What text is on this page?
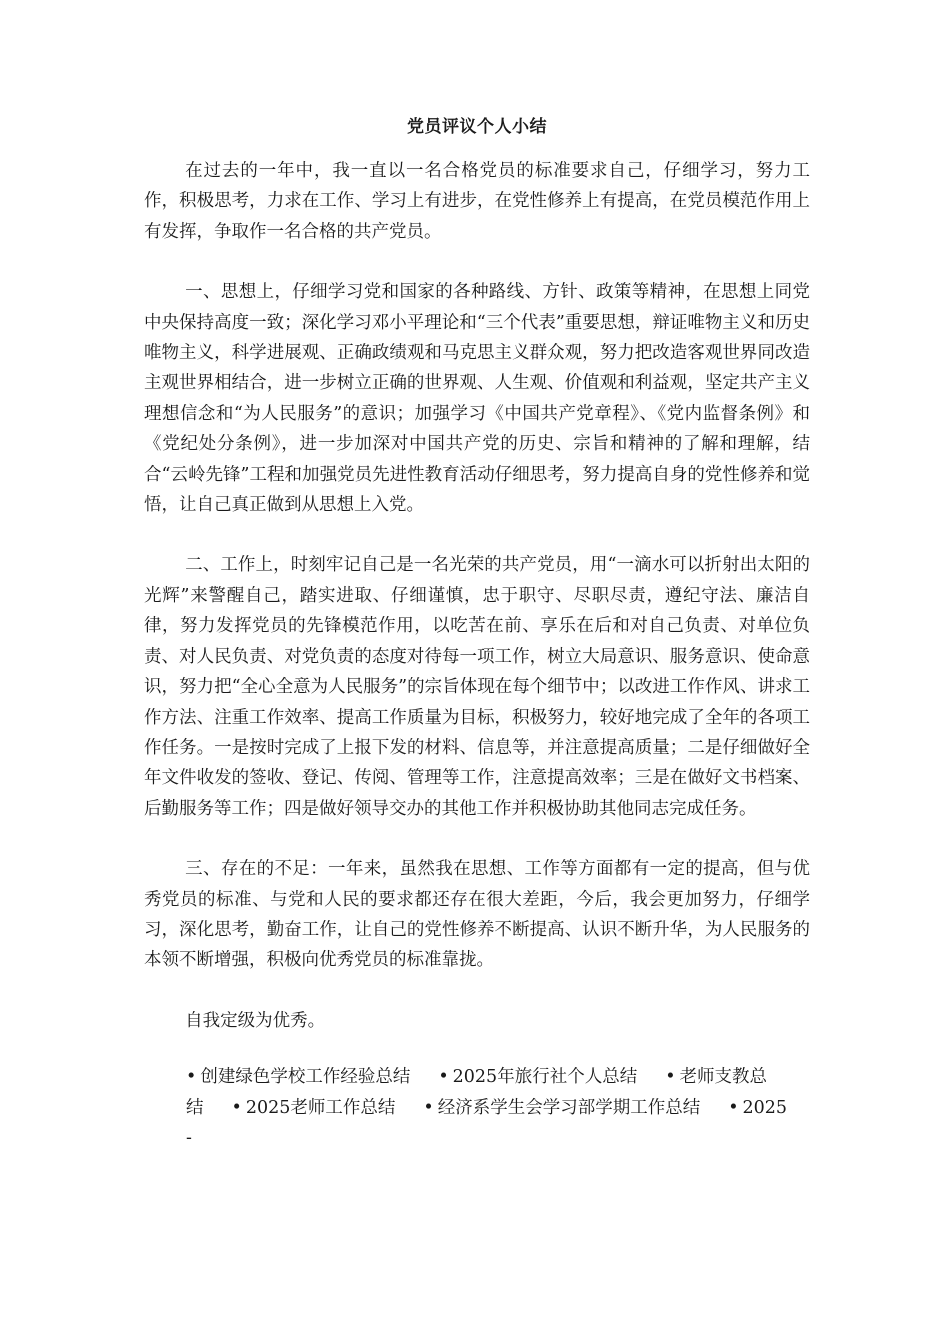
党员评议个人小结

在过去的一年中，我一直以一名合格党员的标准要求自己，仔细学习，努力工作，积极思考，力求在工作、学习上有进步，在党性修养上有提高，在党员模范作用上有发挥，争取作一名合格的共产党员。

一、思想上，仔细学习党和国家的各种路线、方针、政策等精神，在思想上同党中央保持高度一致；深化学习邓小平理论和“三个代表”重要思想，辩证唯物主义和历史唯物主义，科学进展观、正确政绩观和马克思主义群众观，努力把改造客观世界同改造主观世界相结合，进一步树立正确的世界观、人生观、价值观和利益观，坚定共产主义理想信念和“为人民服务”的意识；加强学习《中国共产党章程》、《党内监督条例》和《党纪处分条例》，进一步加深对中国共产党的历史、宗旨和精神的了解和理解，结合“云岭先锋”工程和加强党员先进性教育活动仔细思考，努力提高自身的党性修养和觉悟，让自己真正做到从思想上入党。

二、工作上，时刻牢记自己是一名光荣的共产党员，用“一滴水可以折射出太阳的光辉”来警醒自己，踏实进取、仔细谨慎，忠于职守、尽职尽责，遵纪守法、廉洁自律，努力发挥党员的先锋模范作用，以吃苦在前、享乐在后和对自己负责、对单位负责、对人民负责、对党负责的态度对待每一项工作，树立大局意识、服务意识、使命意识，努力把“全心全意为人民服务”的宗旨体现在每个细节中；以改进工作作风、讲求工作方法、注重工作效率、提高工作质量为目标，积极努力，较好地完成了全年的各项工作任务。一是按时完成了上报下发的材料、信息等，并注意提高质量；二是仔细做好全年文件收发的签收、登记、传阅、管理等工作，注意提高效率；三是在做好文书档案、后勤服务等工作；四是做好领导交办的其他工作并积极协助其他同志完成任务。

三、存在的不足：一年来，虽然我在思想、工作等方面都有一定的提高，但与优秀党员的标准、与党和人民的要求都还存在很大差距，今后，我会更加努力，仔细学习，深化思考，勤奋工作，让自己的党性修养不断提高、认识不断升华，为人民服务的本领不断增强，积极向优秀党员的标准靠拢。

自我定级为优秀。

• 创建绿色学校工作经验总结 • 2025年旅行社个人总结 • 老师支教总结 • 2025老师工作总结 • 经济系学生会学习部学期工作总结 • 2025-
